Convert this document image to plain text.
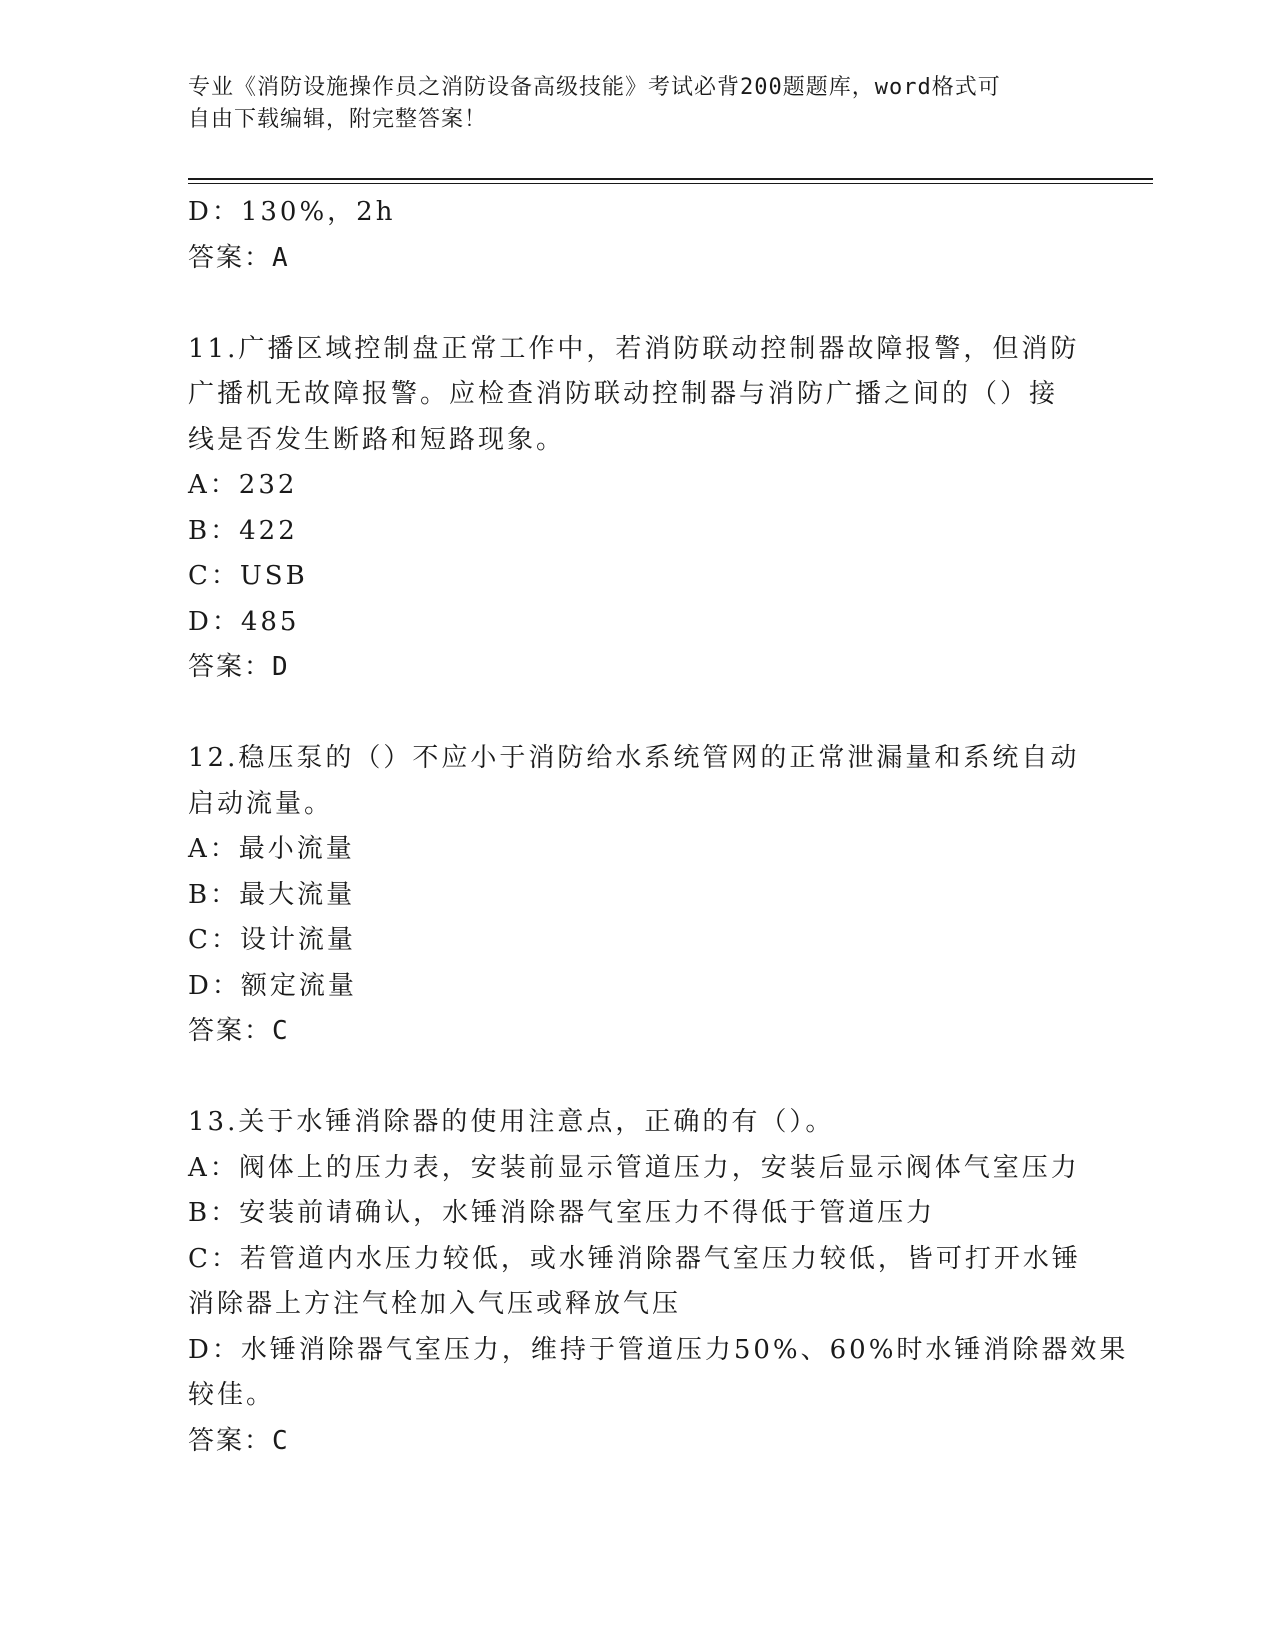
专业《消防设施操作员之消防设备高级技能》考试必背200题题库，word格式可
自由下载编辑，附完整答案！
D：130%，2h
答案：A
11.广播区域控制盘正常工作中，若消防联动控制器故障报警，但消防
广播机无故障报警。应检查消防联动控制器与消防广播之间的（）接
线是否发生断路和短路现象。
A：232
B：422
C：USB
D：485
答案：D
12.稳压泵的（）不应小于消防给水系统管网的正常泄漏量和系统自动
启动流量。
A：最小流量
B：最大流量
C：设计流量
D：额定流量
答案：C
13.关于水锤消除器的使用注意点，正确的有（）。
A：阀体上的压力表，安装前显示管道压力，安装后显示阀体气室压力
B：安装前请确认，水锤消除器气室压力不得低于管道压力
C：若管道内水压力较低，或水锤消除器气室压力较低，皆可打开水锤
消除器上方注气栓加入气压或释放气压
D：水锤消除器气室压力，维持于管道压力50%、60%时水锤消除器效果
较佳。
答案：C
